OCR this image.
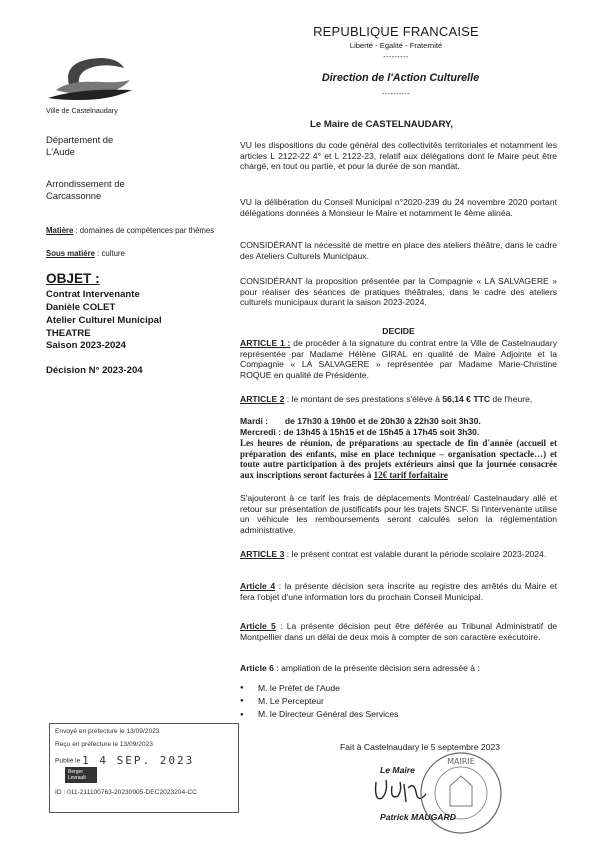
Ville de Castelnaudary
REPUBLIQUE FRANCAISE
Liberté - Egalité - Fraternité
---------
Direction de l'Action Culturelle
----------
Département de L'Aude
Arrondissement de Carcassonne
Matière : domaines de compétences par thèmes
Sous matière : culture
OBJET :
Contrat Intervenante
Danièle COLET
Atelier Culturel Municipal
THEATRE
Saison 2023-2024
Décision N° 2023-204
Le Maire de CASTELNAUDARY,
VU les dispositions du code général des collectivités territoriales et notamment les articles L 2122-22 4° et L 2122-23, relatif aux délégations dont le Maire peut être chargé, en tout ou partie, et pour la durée de son mandat.
VU la délibération du Conseil Municipal n°2020-239 du 24 novembre 2020 portant délégations données à Monsieur le Maire et notamment le 4ème alinéa.
CONSIDÉRANT la nécessité de mettre en place des ateliers théâtre, dans le cadre des Ateliers Culturels Municipaux.
CONSIDÉRANT la proposition présentée par la Compagnie « LA SALVAGERE » pour réaliser des séances de pratiques théâtrales, dans le cadre des ateliers culturels municipaux durant la saison 2023-2024.
DECIDE
ARTICLE 1 : de procéder à la signature du contrat entre la Ville de Castelnaudary représentée par Madame Hélène GIRAL en qualité de Maire Adjointe et la Compagnie « LA SALVAGERE » représentée par Madame Marie-Christine ROQUE en qualité de Présidente.
ARTICLE 2 : le montant de ses prestations s'élève à 56,14 € TTC de l'heure,
Mardi :       de 17h30 à 19h00 et de 20h30 à 22h30 soit 3h30.
Mercredi : de 13h45 à 15h15 et de 15h45 à 17h45 soit 3h30.
Les heures de réunion, de préparations au spectacle de fin d'année (accueil et préparation des enfants, mise en place technique – organisation spectacle…) et toute autre participation à des projets extérieurs ainsi que la journée consacrée aux inscriptions seront facturées à 12€ tarif forfaitaire
S'ajouteront à ce tarif les frais de déplacements Montréal/ Castelnaudary allé et retour sur présentation de justificatifs pour les trajets SNCF. Si l'intervenante utilise un véhicule les remboursements seront calculés selon la réglementation administrative.
ARTICLE 3 : le présent contrat est valable durant la période scolaire 2023-2024.
Article 4 : la présente décision sera inscrite au registre des arrêtés du Maire et fera l'objet d'une information lors du prochain Conseil Municipal.
Article 5 : La présente décision peut être déférée au Tribunal Administratif de Montpellier dans un délai de deux mois à compter de son caractère exécutoire.
Article 6 : ampliation de la présente décision sera adressée à :
● M. le Préfet de l'Aude
● M. Le Percepteur
● M. le Directeur Général des Services
Envoyé en préfecture le 13/09/2023
Reçu en préfecture le 13/09/2023
Publié le 1 4 SEP. 2023 Berger Levrault
ID : 011-211100763-20230905-DEC2023204-CC
Fait à Castelnaudary le 5 septembre 2023
Le Maire
MAIRIE
Patrick MAUGARD
